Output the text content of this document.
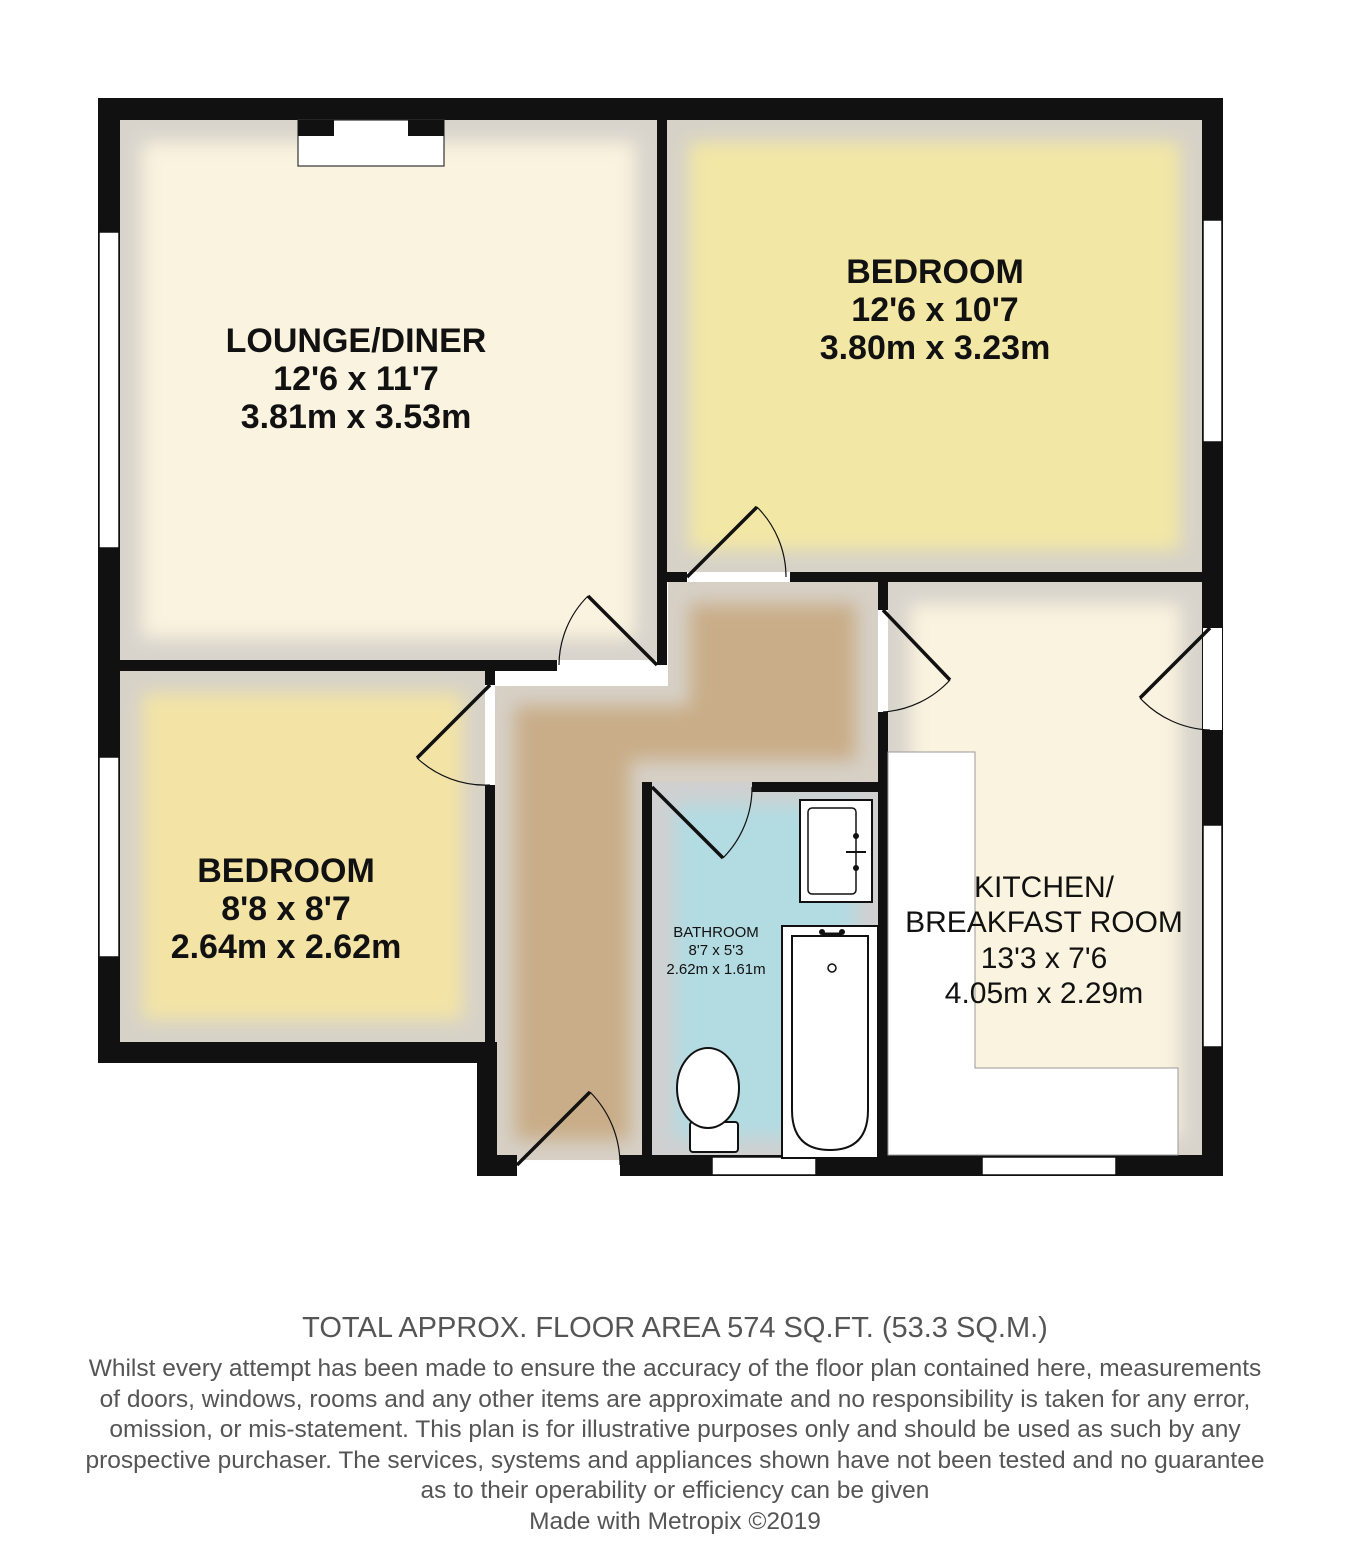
LOUNGE/DINER
12'6 x 11'7
3.81m x 3.53m
BEDROOM
12'6 x 10'7
3.80m x 3.23m
BEDROOM
8'8 x 8'7
2.64m x 2.62m	BATHROOM
8'7 x 5'3
2.62m x 1.61m
KITCHEN/
BREAKFAST ROOM
13'3 x 7'6
4.05m x 2.29m
TOTAL APPROX. FLOOR AREA 574 SQ.FT. (53.3 SQ.M.)
Whilst every attempt has been made to ensure the accuracy of the floor plan contained here, measurements
of doors, windows, rooms and any other items are approximate and no responsibility is taken for any error,
omission, or mis-statement. This plan is for illustrative purposes only and should be used as such by any
prospective purchaser. The services, systems and appliances shown have not been tested and no guarantee
as to their operability or efficiency can be given
Made with Metropix ©2019
